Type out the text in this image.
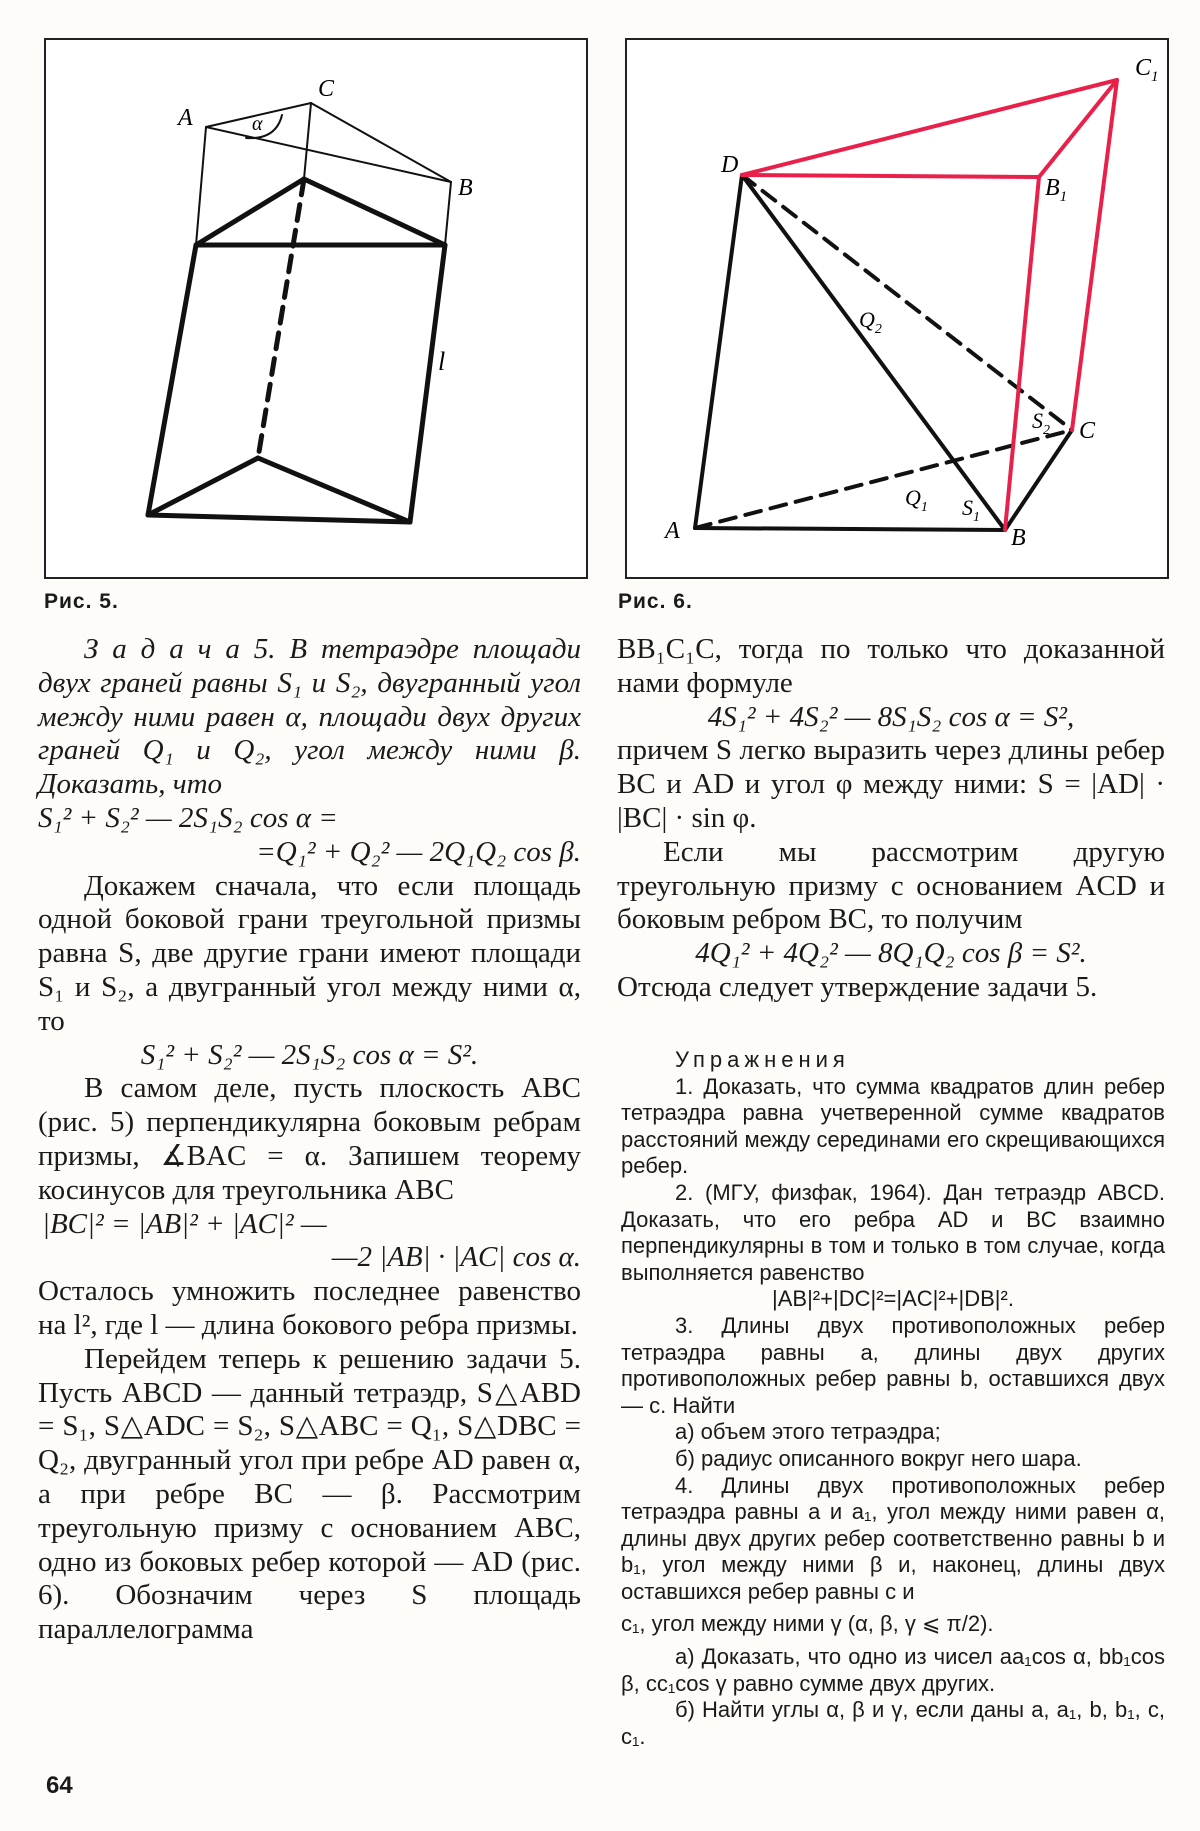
A
C
B
α
l
Рис. 5.
$C_1$
D
$B_1$
$Q_2$
$S_2$ C
A
$Q_1$ $S_1$
B
Рис. 6.

З а д а ч а 5. В тетраэдре площади двух граней равны S₁ и S₂, двугранный угол между ними равен α, площади двух других граней Q₁ и Q₂, угол между ними β. Доказать, что

S₁² + S₂² — 2S₁S₂ cos α =

=Q₁² + Q₂² — 2Q₁Q₂ cos β.

Докажем сначала, что если площадь одной боковой грани треугольной призмы равна S, две другие грани имеют площади S₁ и S₂, а двугранный угол между ними α, то

S₁² + S₂² — 2S₁S₂ cos α = S².

В самом деле, пусть плоскость ABC (рис. 5) перпендикулярна боковым ребрам призмы, ∡BAC = α. Запишем теорему косинусов для треугольника ABC

|BC|² = |AB|² + |AC|² —

—2 |AB| · |AC| cos α.

Осталось умножить последнее равенство на l², где l — длина бокового ребра призмы.

Перейдем теперь к решению задачи 5. Пусть ABCD — данный тетраэдр, S△ABD = S₁, S△ADC = S₂, S△ABC = Q₁, S△DBC = Q₂, двугранный угол при ребре AD равен α, а при ребре BC — β. Рассмотрим треугольную призму с основанием ABC, одно из боковых ребер которой — AD (рис. 6). Обозначим через S площадь параллелограмма

BB₁C₁C, тогда по только что доказанной нами формуле

4S₁² + 4S₂² — 8S₁S₂ cos α = S²,

причем S легко выразить через длины ребер BC и AD и угол φ между ними: S = |AD| · |BC| · sin φ.

Если мы рассмотрим другую треугольную призму с основанием ACD и боковым ребром BC, то получим

4Q₁² + 4Q₂² — 8Q₁Q₂ cos β = S².

Отсюда следует утверждение задачи 5.

Упражнения

1. Доказать, что сумма квадратов длин ребер тетраэдра равна учетверенной сумме квадратов расстояний между серединами его скрещивающихся ребер.

2. (МГУ, физфак, 1964). Дан тетраэдр ABCD. Доказать, что его ребра AD и BC взаимно перпендикулярны в том и только в том случае, когда выполняется равенство

|AB|²+|DC|²=|AC|²+|DB|².

3. Длины двух противоположных ребер тетраэдра равны a, длины двух других противоположных ребер равны b, оставшихся двух — c. Найти

а) объем этого тетраэдра;

б) радиус описанного вокруг него шара.

4. Длины двух противоположных ребер тетраэдра равны a и a₁, угол между ними равен α, длины двух других ребер соответственно равны b и b₁, угол между ними β и, наконец, длины двух оставшихся ребер равны c и

c₁, угол между ними γ (α, β, γ ⩽ π/2).

а) Доказать, что одно из чисел aa₁cos α, bb₁cos β, cc₁cos γ равно сумме двух других.

б) Найти углы α, β и γ, если даны a, a₁, b, b₁, c, c₁.

64
